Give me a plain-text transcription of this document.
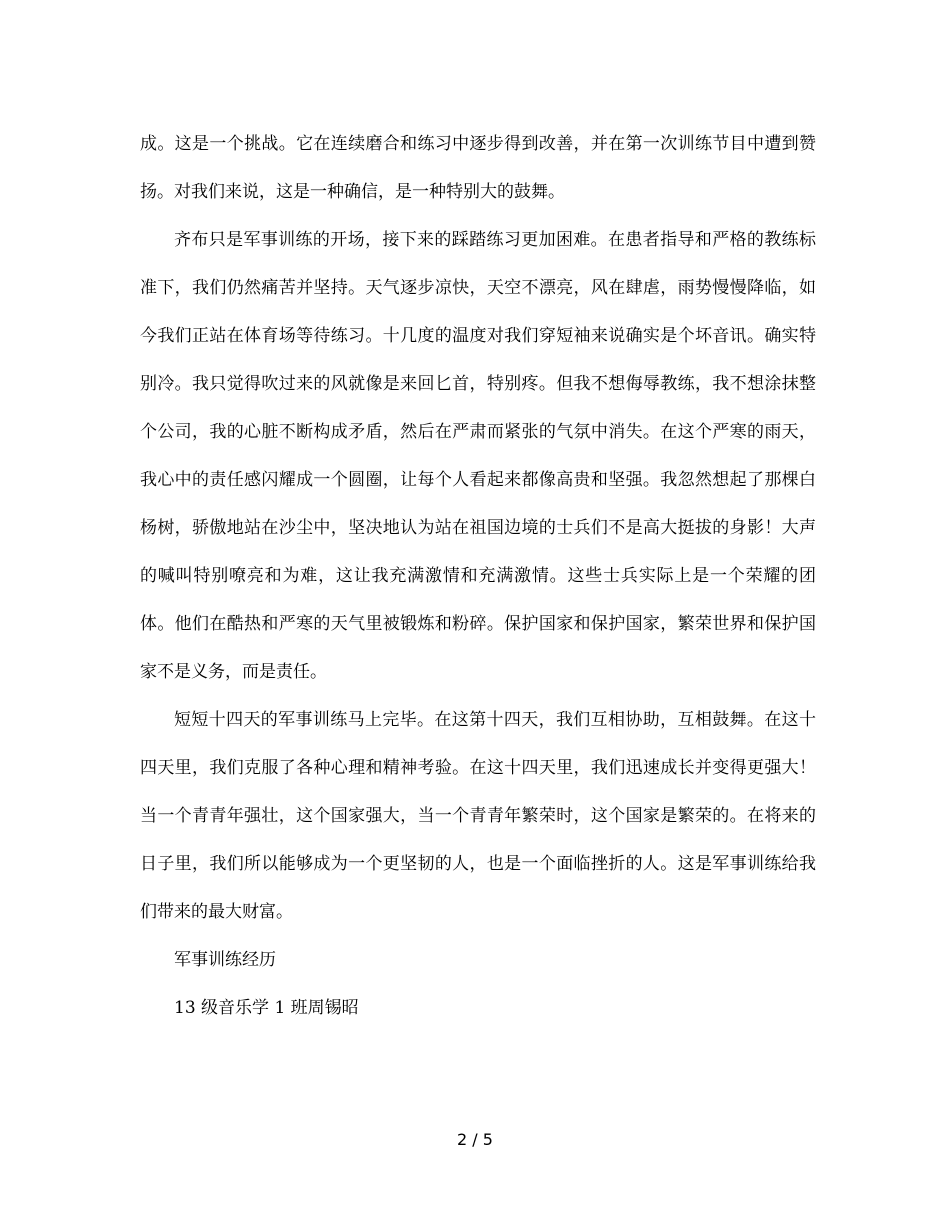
成。这是一个挑战。它在连续磨合和练习中逐步得到改善，并在第一次训练节目中遭到赞扬。对我们来说，这是一种确信，是一种特别大的鼓舞。

齐布只是军事训练的开场，接下来的踩踏练习更加困难。在患者指导和严格的教练标准下，我们仍然痛苦并坚持。天气逐步凉快，天空不漂亮，风在肆虐，雨势慢慢降临，如今我们正站在体育场等待练习。十几度的温度对我们穿短袖来说确实是个坏音讯。确实特别冷。我只觉得吹过来的风就像是来回匕首，特别疼。但我不想侮辱教练，我不想涂抹整个公司，我的心脏不断构成矛盾，然后在严肃而紧张的气氛中消失。在这个严寒的雨天，我心中的责任感闪耀成一个圆圈，让每个人看起来都像高贵和坚强。我忽然想起了那棵白杨树，骄傲地站在沙尘中，坚决地认为站在祖国边境的士兵们不是高大挺拔的身影！大声的喊叫特别嘹亮和为难，这让我充满激情和充满激情。这些士兵实际上是一个荣耀的团体。他们在酷热和严寒的天气里被锻炼和粉碎。保护国家和保护国家，繁荣世界和保护国家不是义务，而是责任。

短短十四天的军事训练马上完毕。在这第十四天，我们互相协助，互相鼓舞。在这十四天里，我们克服了各种心理和精神考验。在这十四天里，我们迅速成长并变得更强大！当一个青青年强壮，这个国家强大，当一个青青年繁荣时，这个国家是繁荣的。在将来的日子里，我们所以能够成为一个更坚韧的人，也是一个面临挫折的人。这是军事训练给我们带来的最大财富。

军事训练经历

13 级音乐学 1 班周锡昭

2 / 5
